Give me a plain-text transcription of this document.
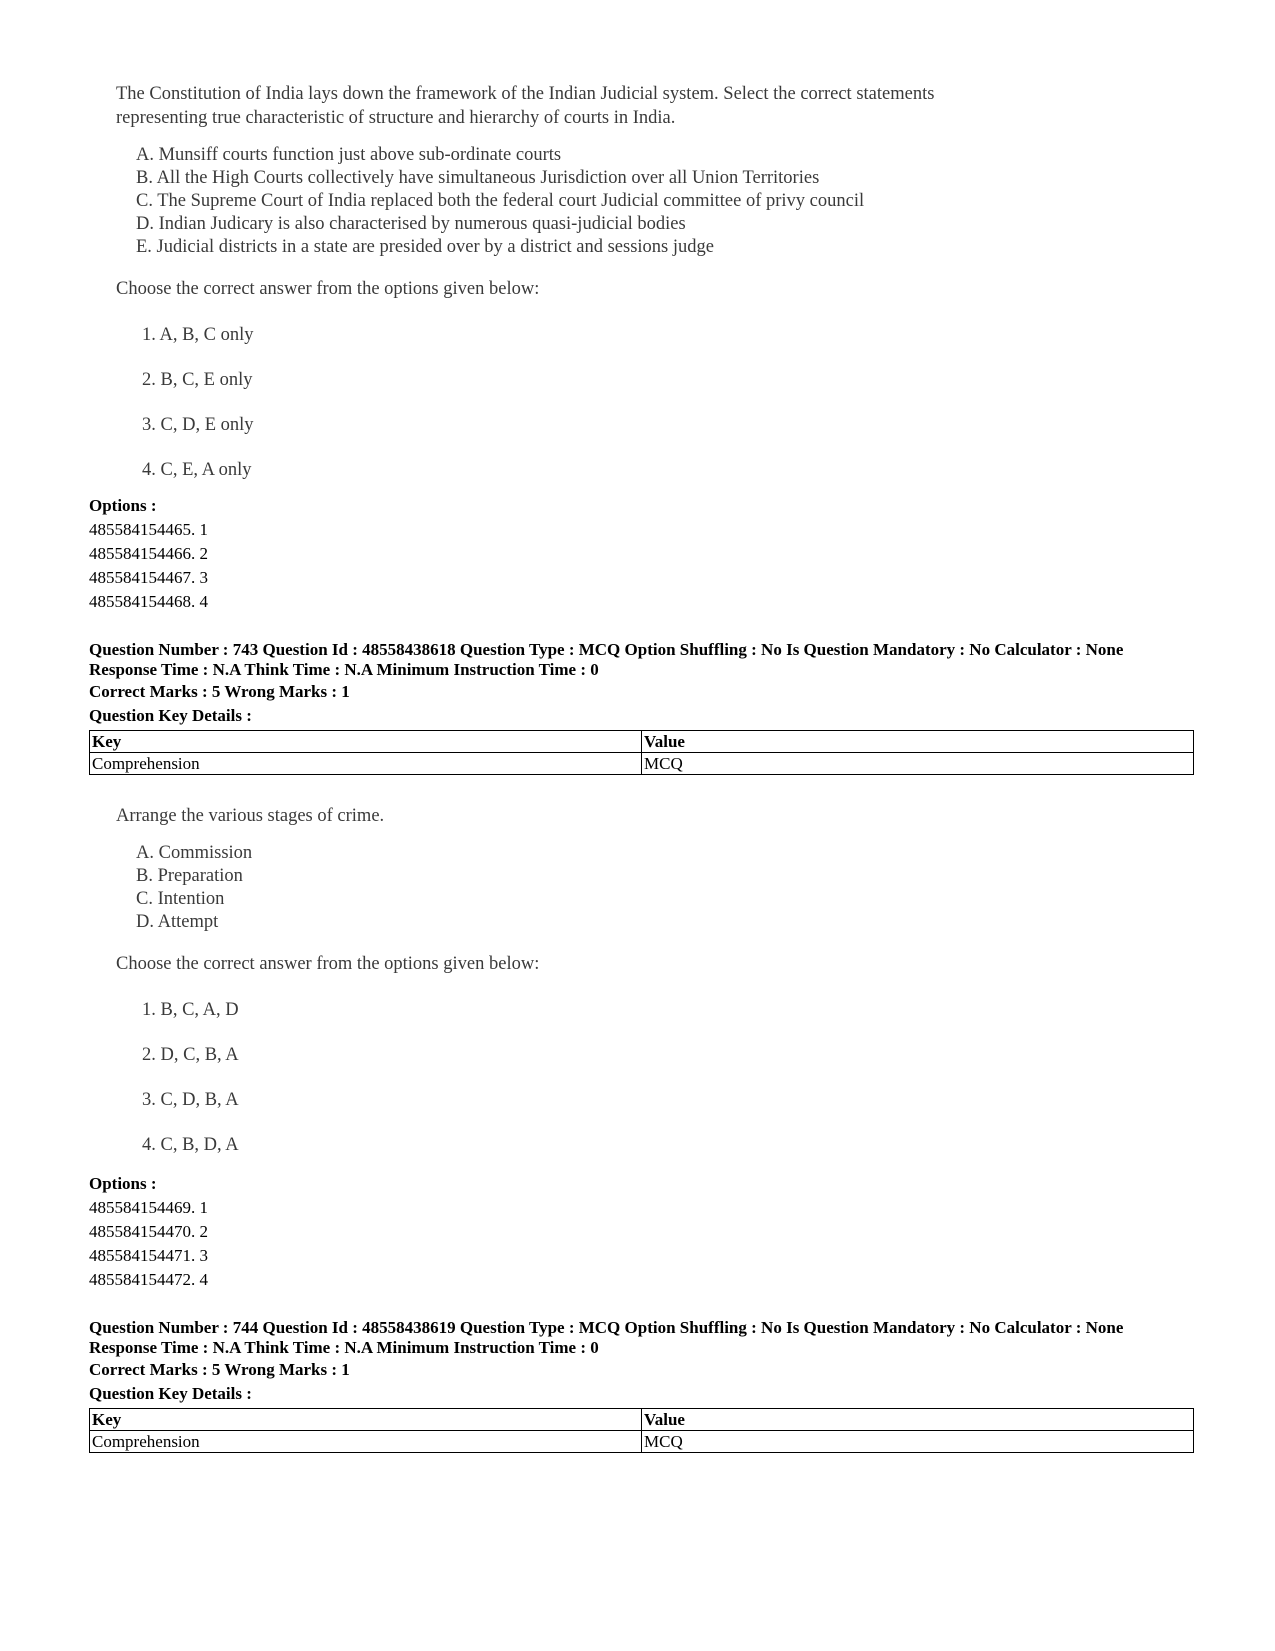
The Constitution of India lays down the framework of the Indian Judicial system. Select the correct statements

representing true characteristic of structure and hierarchy of courts in India.

A. Munsiff courts function just above sub-ordinate courts
B. All the High Courts collectively have simultaneous Jurisdiction over all Union Territories
C. The Supreme Court of India replaced both the federal court Judicial committee of privy council
D. Indian Judicary is also characterised by numerous quasi-judicial bodies
E. Judicial districts in a state are presided over by a district and sessions judge

Choose the correct answer from the options given below:

1. A, B, C only
2. B, C, E only
3. C, D, E only
4. C, E, A only
Options :
485584154465. 1
485584154466. 2
485584154467. 3
485584154468. 4
Question Number : 743 Question Id : 48558438618 Question Type : MCQ Option Shuffling : No Is Question Mandatory : No Calculator : None
Response Time : N.A Think Time : N.A Minimum Instruction Time : 0
Correct Marks : 5 Wrong Marks : 1
Question Key Details :
Key	Value
Comprehension	MCQ

Arrange the various stages of crime.

A. Commission
B. Preparation
C. Intention
D. Attempt

Choose the correct answer from the options given below:

1. B, C, A, D
2. D, C, B, A
3. C, D, B, A
4. C, B, D, A
Options :
485584154469. 1
485584154470. 2
485584154471. 3
485584154472. 4
Question Number : 744 Question Id : 48558438619 Question Type : MCQ Option Shuffling : No Is Question Mandatory : No Calculator : None
Response Time : N.A Think Time : N.A Minimum Instruction Time : 0
Correct Marks : 5 Wrong Marks : 1
Question Key Details :
Key	Value
Comprehension	MCQ
